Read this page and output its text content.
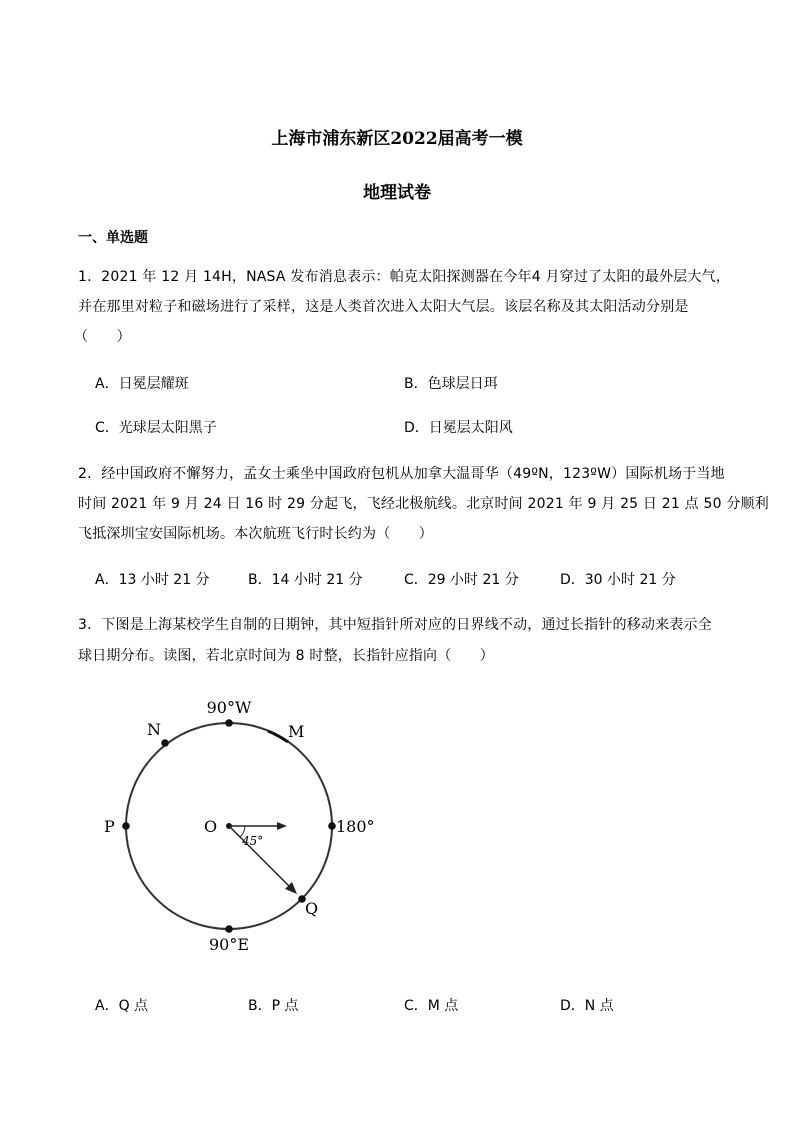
上海市浦东新区2022届高考一模
地理试卷
一、单选题
1．2021 年 12 月 14H，NASA 发布消息表示：帕克太阳探测器在今年4 月穿过了太阳的最外层大气，
并在那里对粒子和磁场进行了采样，这是人类首次进入太阳大气层。该层名称及其太阳活动分别是
（　　）
A．日冕层耀斑	B．色球层日珥
C．光球层太阳黑子	D．日冕层太阳风
2．经中国政府不懈努力，孟女士乘坐中国政府包机从加拿大温哥华（49ºN，123ºW）国际机场于当地
时间 2021 年 9 月 24 日 16 时 29 分起飞，飞经北极航线。北京时间 2021 年 9 月 25 日 21 点 50 分顺利
飞抵深圳宝安国际机场。本次航班飞行时长约为（　　）
A．13 小时 21 分	B．14 小时 21 分	C．29 小时 21 分	D．30 小时 21 分
3．下图是上海某校学生自制的日期钟，其中短指针所对应的日界线不动，通过长指针的移动来表示全
球日期分布。读图，若北京时间为 8 时整，长指针应指向（　　）
90°W
90°E
180°
P
N	M
Q
O
45°
A．Q 点	B．P 点	C．M 点	D．N 点
